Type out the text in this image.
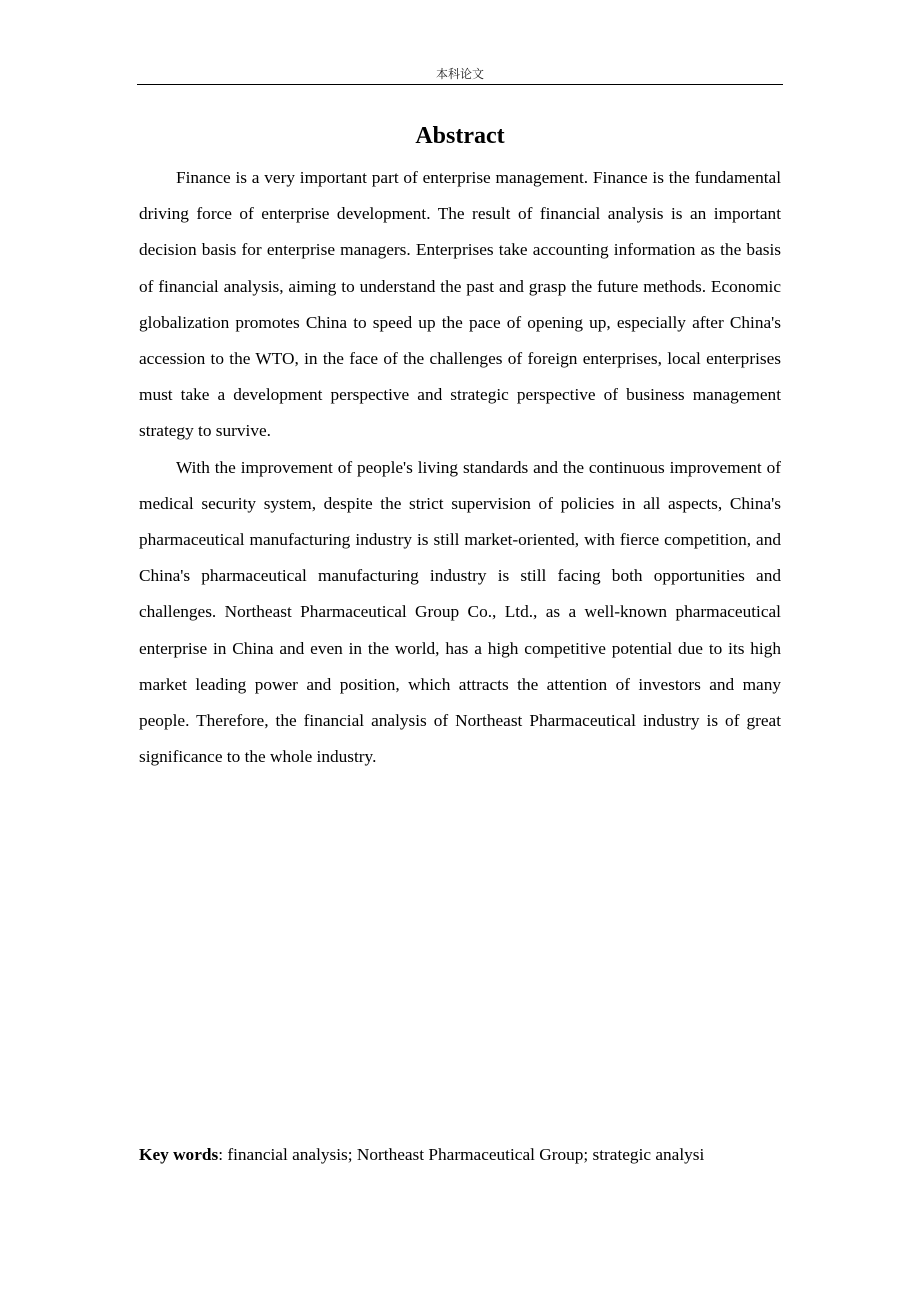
本科论文
Abstract

Finance is a very important part of enterprise management. Finance is the fundamental driving force of enterprise development. The result of financial analysis is an important decision basis for enterprise managers. Enterprises take accounting information as the basis of financial analysis, aiming to understand the past and grasp the future methods. Economic globalization promotes China to speed up the pace of opening up, especially after China's accession to the WTO, in the face of the challenges of foreign enterprises, local enterprises must take a development perspective and strategic perspective of business management strategy to survive.

With the improvement of people's living standards and the continuous improvement of medical security system, despite the strict supervision of policies in all aspects, China's pharmaceutical manufacturing industry is still market-oriented, with fierce competition, and China's pharmaceutical manufacturing industry is still facing both opportunities and challenges. Northeast Pharmaceutical Group Co., Ltd., as a well-known pharmaceutical enterprise in China and even in the world, has a high competitive potential due to its high market leading power and position, which attracts the attention of investors and many people. Therefore, the financial analysis of Northeast Pharmaceutical industry is of great significance to the whole industry.

Key words: financial analysis; Northeast Pharmaceutical Group; strategic analysi
